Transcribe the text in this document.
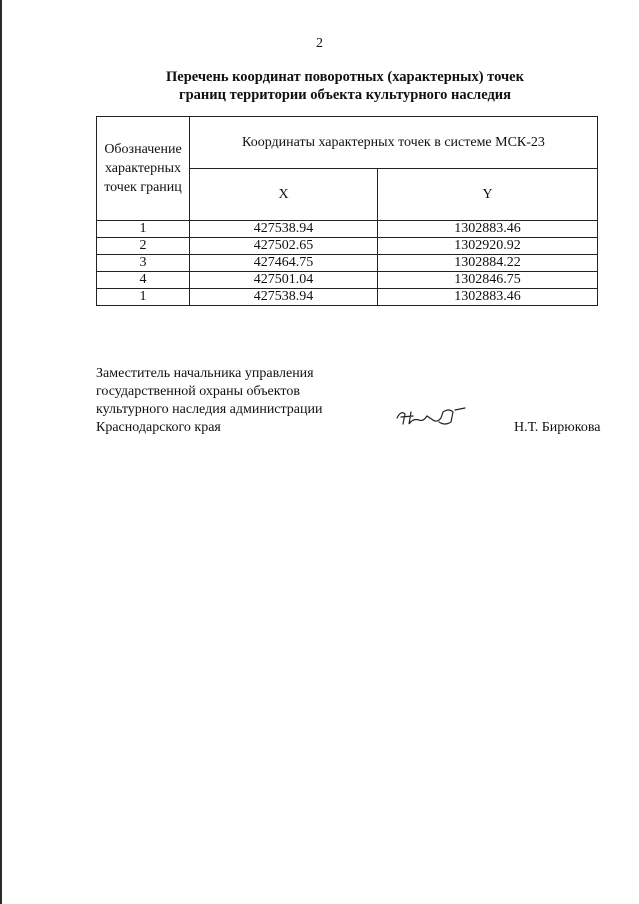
2
Перечень координат поворотных (характерных) точек
границ территории объекта культурного наследия
Обозначение
характерных
точек границ	Координаты характерных точек в системе МСК-23	
	X	Y
1	427538.94	1302883.46
2	427502.65	1302920.92
3	427464.75	1302884.22
4	427501.04	1302846.75
1	427538.94	1302883.46
Заместитель начальника управления
государственной охраны объектов
культурного наследия администрации
Краснодарского края	Н.Т. Бирюкова
